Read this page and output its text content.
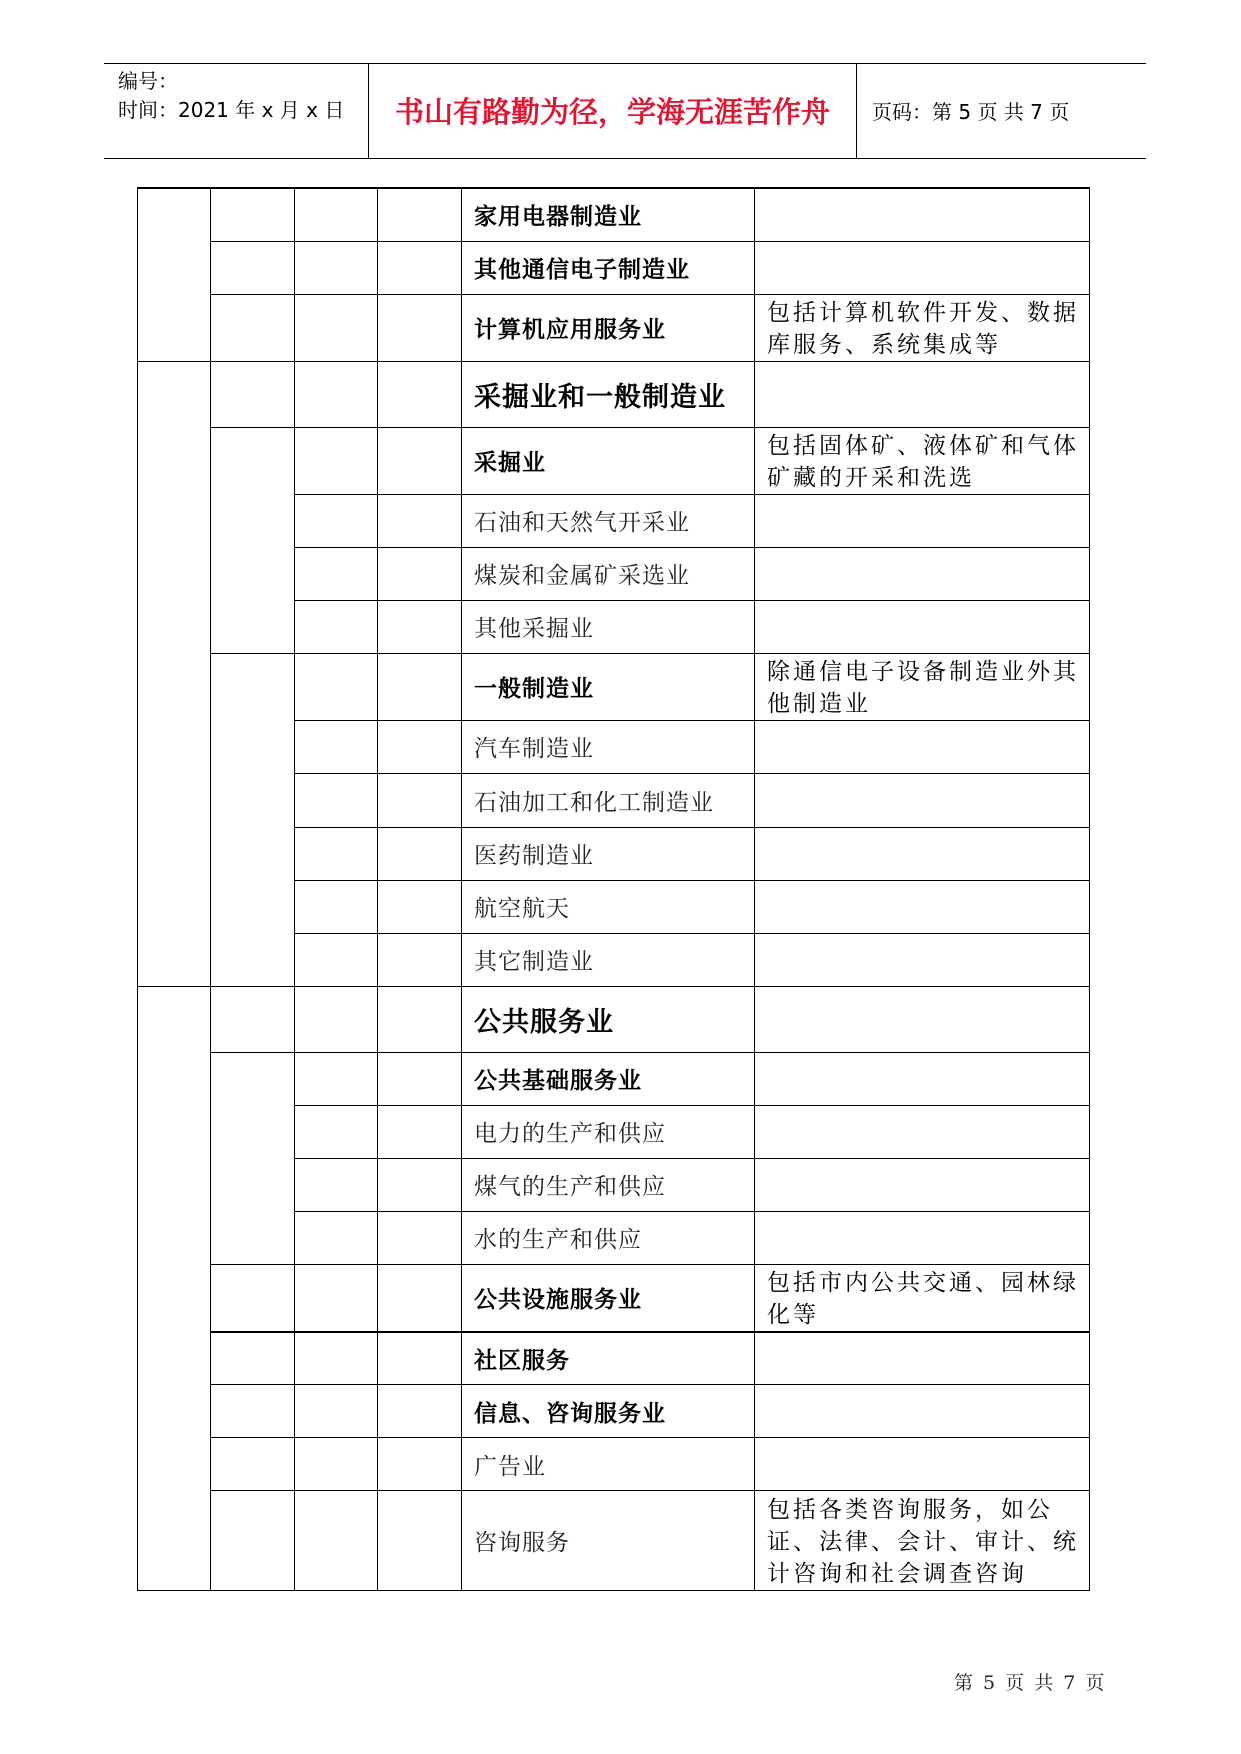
编号：
时间：2021 年 x 月 x 日	书山有路勤为径，学海无涯苦作舟	页码：第 5 页 共 7 页
				家用电器制造业	
				其他通信电子制造业	
				计算机应用服务业	包括计算机软件开发、数据库服务、系统集成等
				采掘业和一般制造业	
				采掘业	包括固体矿、液体矿和气体矿藏的开采和洗选
				石油和天然气开采业	
				煤炭和金属矿采选业	
				其他采掘业	
				一般制造业	除通信电子设备制造业外其他制造业
				汽车制造业	
				石油加工和化工制造业	
				医药制造业	
				航空航天	
				其它制造业	
				公共服务业	
				公共基础服务业	
				电力的生产和供应	
				煤气的生产和供应	
				水的生产和供应	
				公共设施服务业	包括市内公共交通、园林绿化等
				社区服务	
				信息、咨询服务业	
				广告业	
				咨询服务	包括各类咨询服务，如公证、法律、会计、审计、统计咨询和社会调查咨询
第 5 页 共 7 页
